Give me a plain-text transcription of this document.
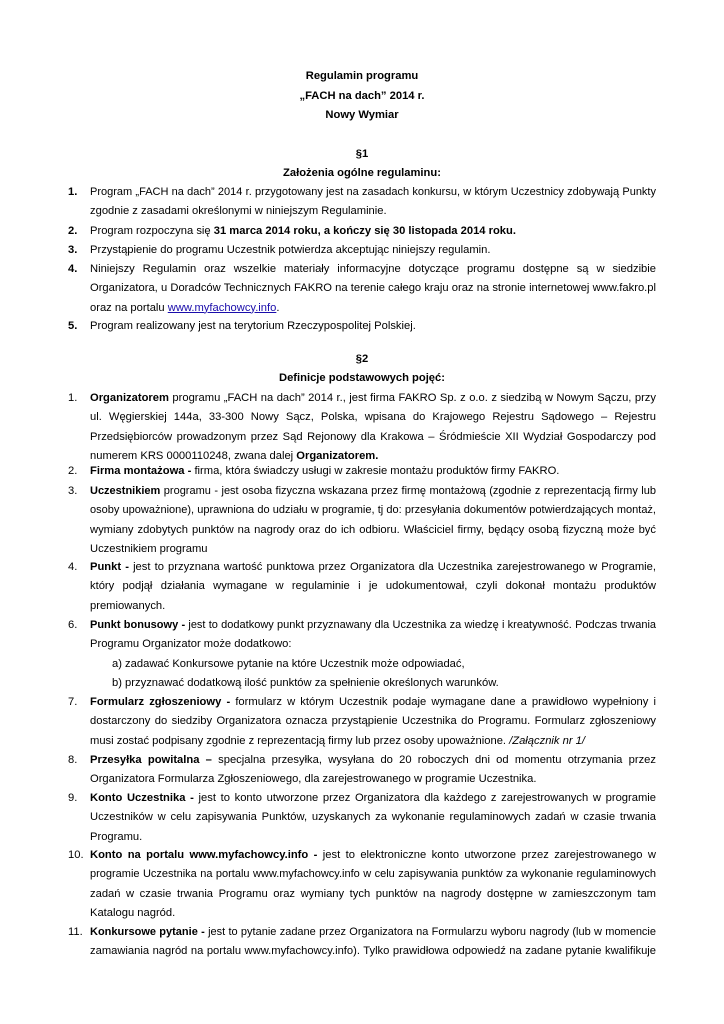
Regulamin programu
„FACH na dach” 2014 r.
Nowy Wymiar
§1
Założenia ogólne regulaminu:
1.	Program „FACH na dach” 2014 r. przygotowany jest na zasadach konkursu, w którym Uczestnicy zdobywają Punkty
zgodnie z zasadami określonymi w niniejszym Regulaminie.
2.	Program rozpoczyna się 31 marca 2014 roku, a kończy się 30 listopada 2014 roku.
3.	Przystąpienie do programu Uczestnik potwierdza akceptując niniejszy regulamin.
4.	Niniejszy Regulamin oraz wszelkie materiały informacyjne dotyczące programu dostępne są w siedzibie
Organizatora, u Doradców Technicznych FAKRO na terenie całego kraju oraz na stronie internetowej www.fakro.pl
oraz na portalu www.myfachowcy.info.
5.	Program realizowany jest na terytorium Rzeczypospolitej Polskiej.
§2
Definicje podstawowych pojęć:
1.	Organizatorem programu „FACH na dach” 2014 r., jest firma FAKRO Sp. z o.o. z siedzibą w Nowym Sączu, przy
ul. Węgierskiej 144a, 33-300 Nowy Sącz, Polska, wpisana do Krajowego Rejestru Sądowego – Rejestru
Przedsiębiorców prowadzonym przez Sąd Rejonowy dla Krakowa – Śródmieście XII Wydział Gospodarczy pod
numerem KRS 0000110248, zwana dalej Organizatorem.
2.	Firma montażowa - firma, która świadczy usługi w zakresie montażu produktów firmy FAKRO.
3.	Uczestnikiem programu - jest osoba fizyczna wskazana przez firmę montażową (zgodnie z reprezentacją firmy lub
osoby upoważnione), uprawniona do udziału w programie, tj do: przesyłania dokumentów potwierdzających montaż,
wymiany zdobytych punktów na nagrody oraz do ich odbioru. Właściciel firmy, będący osobą fizyczną może być
Uczestnikiem programu
4.	Punkt - jest to przyznana wartość punktowa przez Organizatora dla Uczestnika zarejestrowanego w Programie,
który podjął działania wymagane w regulaminie i je udokumentował, czyli dokonał montażu produktów
premiowanych.
6.	Punkt bonusowy - jest to dodatkowy punkt przyznawany dla Uczestnika za wiedzę i kreatywność. Podczas trwania
Programu Organizator może dodatkowo:
a) zadawać Konkursowe pytanie na które Uczestnik może odpowiadać,
b) przyznawać dodatkową ilość punktów za spełnienie określonych warunków.
7.	Formularz zgłoszeniowy - formularz w którym Uczestnik podaje wymagane dane a prawidłowo wypełniony i
dostarczony do siedziby Organizatora oznacza przystąpienie Uczestnika do Programu. Formularz zgłoszeniowy
musi zostać podpisany zgodnie z reprezentacją firmy lub przez osoby upoważnione. /Załącznik nr 1/
8.	Przesyłka powitalna – specjalna przesyłka, wysyłana do 20 roboczych dni od momentu otrzymania przez
Organizatora Formularza Zgłoszeniowego, dla zarejestrowanego w programie Uczestnika.
9.	Konto Uczestnika - jest to konto utworzone przez Organizatora dla każdego z zarejestrowanych w programie
Uczestników w celu zapisywania Punktów, uzyskanych za wykonanie regulaminowych zadań w czasie trwania
Programu.
10. Konto na portalu www.myfachowcy.info - jest to elektroniczne konto utworzone przez zarejestrowanego w
programie Uczestnika na portalu www.myfachowcy.info w celu zapisywania punktów za wykonanie regulaminowych
zadań w czasie trwania Programu oraz wymiany tych punktów na nagrody dostępne w zamieszczonym tam
Katalogu nagród.
11. Konkursowe pytanie - jest to pytanie zadane przez Organizatora na Formularzu wyboru nagrody (lub w momencie
zamawiania nagród na portalu www.myfachowcy.info). Tylko prawidłowa odpowiedź na zadane pytanie kwalifikuje
